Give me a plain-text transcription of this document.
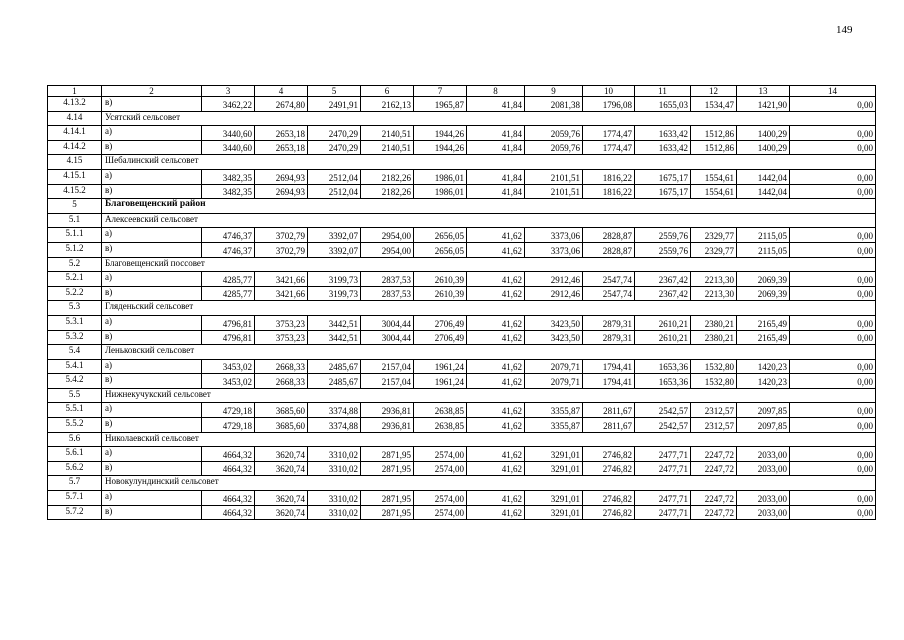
149
1	2	3	4	5	6	7	8	9	10	11	12	13	14
4.13.2	в)	3462,22	2674,80	2491,91	2162,13	1965,87	41,84	2081,38	1796,08	1655,03	1534,47	1421,90	0,00
4.14	Усятский сельсовет												
4.14.1	а)	3440,60	2653,18	2470,29	2140,51	1944,26	41,84	2059,76	1774,47	1633,42	1512,86	1400,29	0,00
4.14.2	в)	3440,60	2653,18	2470,29	2140,51	1944,26	41,84	2059,76	1774,47	1633,42	1512,86	1400,29	0,00
4.15	Шебалинский сельсовет												
4.15.1	а)	3482,35	2694,93	2512,04	2182,26	1986,01	41,84	2101,51	1816,22	1675,17	1554,61	1442,04	0,00
4.15.2	в)	3482,35	2694,93	2512,04	2182,26	1986,01	41,84	2101,51	1816,22	1675,17	1554,61	1442,04	0,00
5	Благовещенский район												
5.1	Алексеевский сельсовет												
5.1.1	а)	4746,37	3702,79	3392,07	2954,00	2656,05	41,62	3373,06	2828,87	2559,76	2329,77	2115,05	0,00
5.1.2	в)	4746,37	3702,79	3392,07	2954,00	2656,05	41,62	3373,06	2828,87	2559,76	2329,77	2115,05	0,00
5.2	Благовещенский поссовет												
5.2.1	а)	4285,77	3421,66	3199,73	2837,53	2610,39	41,62	2912,46	2547,74	2367,42	2213,30	2069,39	0,00
5.2.2	в)	4285,77	3421,66	3199,73	2837,53	2610,39	41,62	2912,46	2547,74	2367,42	2213,30	2069,39	0,00
5.3	Гляденьский сельсовет												
5.3.1	а)	4796,81	3753,23	3442,51	3004,44	2706,49	41,62	3423,50	2879,31	2610,21	2380,21	2165,49	0,00
5.3.2	в)	4796,81	3753,23	3442,51	3004,44	2706,49	41,62	3423,50	2879,31	2610,21	2380,21	2165,49	0,00
5.4	Леньковский сельсовет												
5.4.1	а)	3453,02	2668,33	2485,67	2157,04	1961,24	41,62	2079,71	1794,41	1653,36	1532,80	1420,23	0,00
5.4.2	в)	3453,02	2668,33	2485,67	2157,04	1961,24	41,62	2079,71	1794,41	1653,36	1532,80	1420,23	0,00
5.5	Нижнекучукский сельсовет												
5.5.1	а)	4729,18	3685,60	3374,88	2936,81	2638,85	41,62	3355,87	2811,67	2542,57	2312,57	2097,85	0,00
5.5.2	в)	4729,18	3685,60	3374,88	2936,81	2638,85	41,62	3355,87	2811,67	2542,57	2312,57	2097,85	0,00
5.6	Николаевский сельсовет												
5.6.1	а)	4664,32	3620,74	3310,02	2871,95	2574,00	41,62	3291,01	2746,82	2477,71	2247,72	2033,00	0,00
5.6.2	в)	4664,32	3620,74	3310,02	2871,95	2574,00	41,62	3291,01	2746,82	2477,71	2247,72	2033,00	0,00
5.7	Новокулундинский сельсовет												
5.7.1	а)	4664,32	3620,74	3310,02	2871,95	2574,00	41,62	3291,01	2746,82	2477,71	2247,72	2033,00	0,00
5.7.2	в)	4664,32	3620,74	3310,02	2871,95	2574,00	41,62	3291,01	2746,82	2477,71	2247,72	2033,00	0,00
